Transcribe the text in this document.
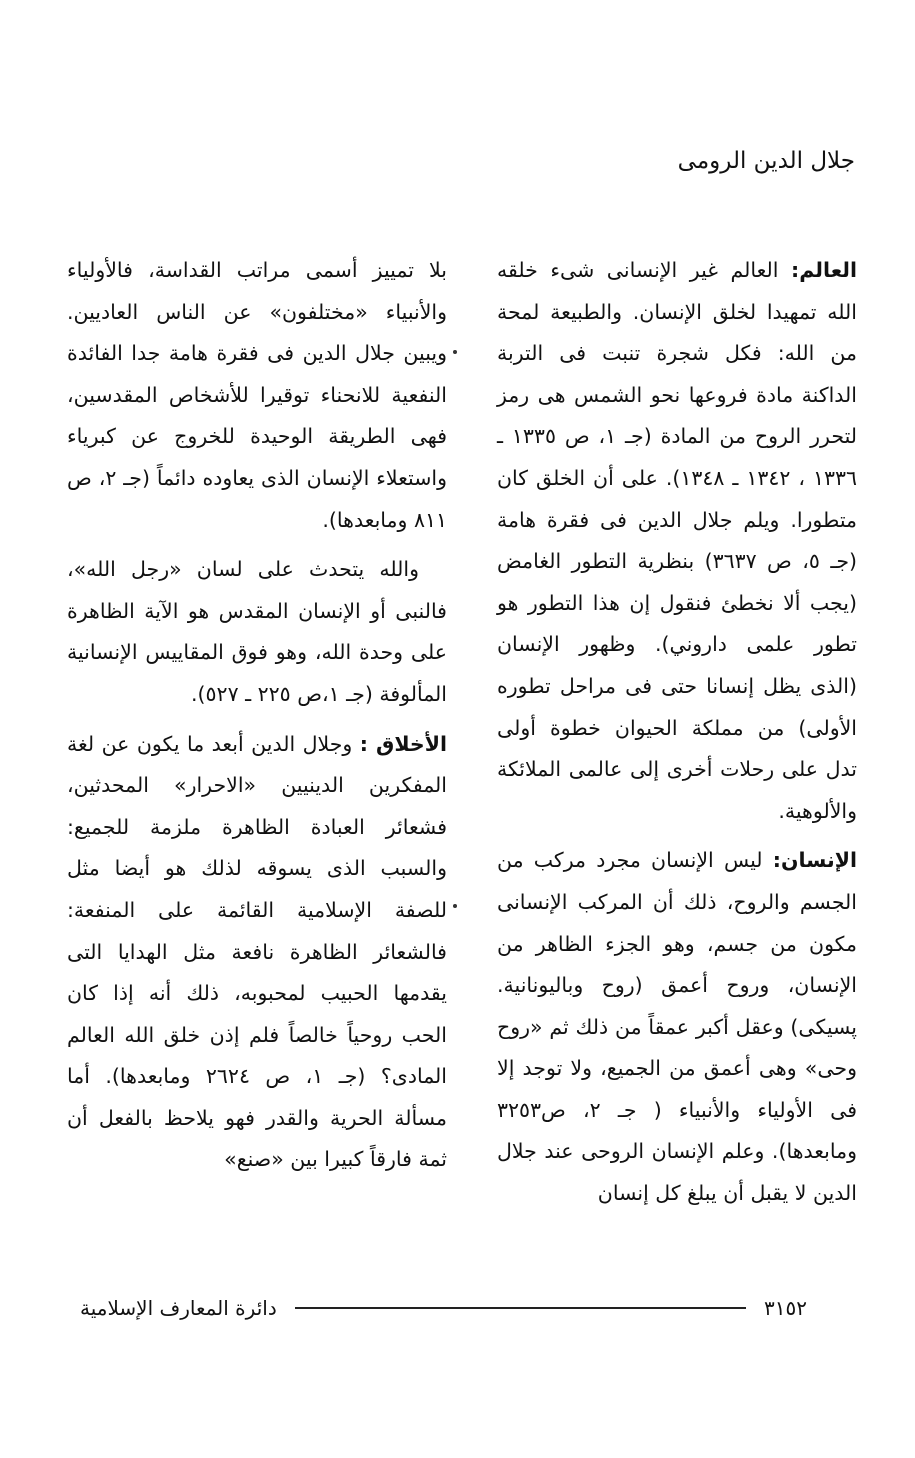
جلال الدين الرومى

العالم: العالم غير الإنسانى شىء خلقه الله تمهيدا لخلق الإنسان. والطبيعة لمحة من الله: فكل شجرة تنبت فى التربة الداكنة مادة فروعها نحو الشمس هى رمز لتحرر الروح من المادة (جـ ١، ص ١٣٣٥ ـ ١٣٣٦ ، ١٣٤٢ ـ ١٣٤٨). على أن الخلق كان متطورا. ويلم جلال الدين فى فقرة هامة (جـ ٥، ص ٣٦٣٧) بنظرية التطور الغامض (يجب ألا نخطئ فنقول إن هذا التطور هو تطور علمى داروني). وظهور الإنسان (الذى يظل إنسانا حتى فى مراحل تطوره الأولى) من مملكة الحيوان خطوة أولى تدل على رحلات أخرى إلى عالمى الملائكة والألوهية.

الإنسان: ليس الإنسان مجرد مركب من الجسم والروح، ذلك أن المركب الإنسانى مكون من جسم، وهو الجزء الظاهر من الإنسان، وروح أعمق (روح وباليونانية. پسيكى) وعقل أكبر عمقاً من ذلك ثم «روح وحى» وهى أعمق من الجميع، ولا توجد إلا فى الأولياء والأنبياء ( جـ ٢، ص٣٢٥٣ ومابعدها). وعلم الإنسان الروحى عند جلال الدين لا يقبل أن يبلغ كل إنسان

بلا تمييز أسمى مراتب القداسة، فالأولياء والأنبياء «مختلفون» عن الناس العاديين. ويبين جلال الدين فى فقرة هامة جدا الفائدة النفعية للانحناء توقيرا للأشخاص المقدسين، فهى الطريقة الوحيدة للخروج عن كبرياء واستعلاء الإنسان الذى يعاوده دائماً (جـ ٢، ص ٨١١ ومابعدها).

والله يتحدث على لسان «رجل الله»، فالنبى أو الإنسان المقدس هو الآية الظاهرة على وحدة الله، وهو فوق المقاييس الإنسانية المألوفة (جـ ١،ص ٢٢٥ ـ ٥٢٧).

الأخلاق : وجلال الدين أبعد ما يكون عن لغة المفكرين الدينيين «الاحرار» المحدثين، فشعائر العبادة الظاهرة ملزمة للجميع: والسبب الذى يسوقه لذلك هو أيضا مثل للصفة الإسلامية القائمة على المنفعة: فالشعائر الظاهرة نافعة مثل الهدايا التى يقدمها الحبيب لمحبوبه، ذلك أنه إذا كان الحب روحياً خالصاً فلم إذن خلق الله العالم المادى؟ (جـ ١، ص ٢٦٢٤ ومابعدها). أما مسألة الحرية والقدر فهو يلاحظ بالفعل أن ثمة فارقاً كبيرا بين «صنع»

٣١٥٢
دائرة المعارف الإسلامية
